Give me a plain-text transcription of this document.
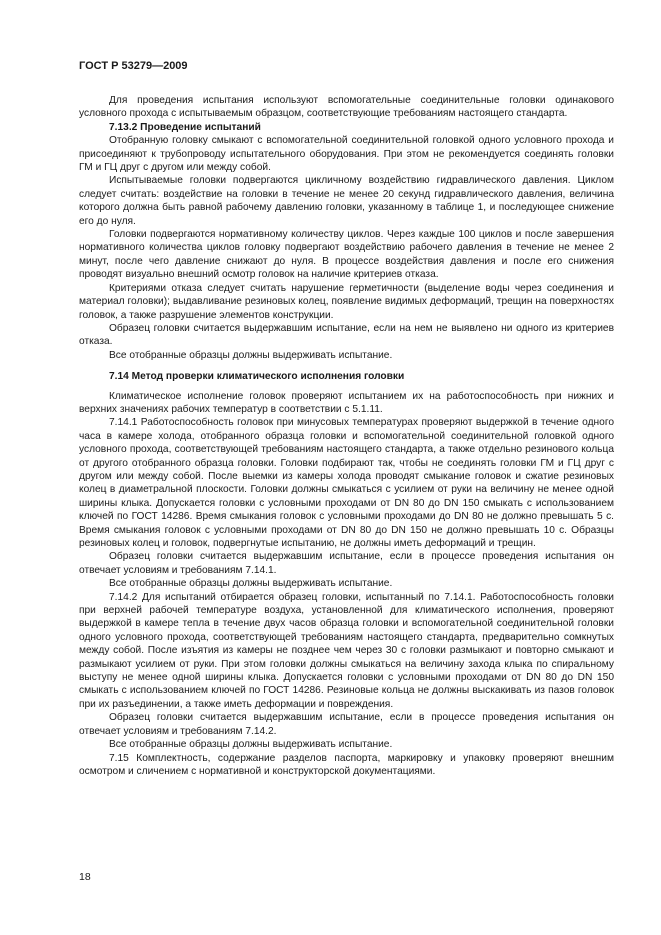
ГОСТ Р 53279—2009

Для проведения испытания используют вспомогательные соединительные головки одинакового условного прохода с испытываемым образцом, соответствующие требованиям настоящего стандарта.

7.13.2 Проведение испытаний

Отобранную головку смыкают с вспомогательной соединительной головкой одного условного прохода и присоединяют к трубопроводу испытательного оборудования. При этом не рекомендуется соединять головки ГМ и ГЦ друг с другом или между собой.

Испытываемые головки подвергаются цикличному воздействию гидравлического давления. Циклом следует считать: воздействие на головки в течение не менее 20 секунд гидравлического давления, величина которого должна быть равной рабочему давлению головки, указанному в таблице 1, и последующее снижение его до нуля.

Головки подвергаются нормативному количеству циклов. Через каждые 100 циклов и после завершения нормативного количества циклов головку подвергают воздействию рабочего давления в течение не менее 2 минут, после чего давление снижают до нуля. В процессе воздействия давления и после его снижения проводят визуально внешний осмотр головок на наличие критериев отказа.

Критериями отказа следует считать нарушение герметичности (выделение воды через соединения и материал головки); выдавливание резиновых колец, появление видимых деформаций, трещин на поверхностях головок, а также разрушение элементов конструкции.

Образец головки считается выдержавшим испытание, если на нем не выявлено ни одного из критериев отказа.

Все отобранные образцы должны выдерживать испытание.

7.14 Метод проверки климатического исполнения головки

Климатическое исполнение головок проверяют испытанием их на работоспособность при нижних и верхних значениях рабочих температур в соответствии с 5.1.11.

7.14.1 Работоспособность головок при минусовых температурах проверяют выдержкой в течение одного часа в камере холода, отобранного образца головки и вспомогательной соединительной головкой одного условного прохода, соответствующей требованиям настоящего стандарта, а также отдельно резинового кольца от другого отобранного образца головки. Головки подбирают так, чтобы не соединять головки ГМ и ГЦ друг с другом или между собой. После выемки из камеры холода проводят смыкание головок и сжатие резиновых колец в диаметральной плоскости. Головки должны смыкаться с усилием от руки на величину не менее одной ширины клыка. Допускается головки с условными проходами от DN 80 до DN 150 смыкать с использованием ключей по ГОСТ 14286. Время смыкания головок с условными проходами до DN 80 не должно превышать 5 с. Время смыкания головок с условными проходами от DN 80 до DN 150 не должно превышать 10 с. Образцы резиновых колец и головок, подвергнутые испытанию, не должны иметь деформаций и трещин.

Образец головки считается выдержавшим испытание, если в процессе проведения испытания он отвечает условиям и требованиям 7.14.1.

Все отобранные образцы должны выдерживать испытание.

7.14.2 Для испытаний отбирается образец головки, испытанный по 7.14.1. Работоспособность головки при верхней рабочей температуре воздуха, установленной для климатического исполнения, проверяют выдержкой в камере тепла в течение двух часов образца головки и вспомогательной соединительной головки одного условного прохода, соответствующей требованиям настоящего стандарта, предварительно сомкнутых между собой. После изъятия из камеры не позднее чем через 30 с головки размыкают и повторно смыкают и размыкают усилием от руки. При этом головки должны смыкаться на величину захода клыка по спиральному выступу не менее одной ширины клыка. Допускается головки с условными проходами от DN 80 до DN 150 смыкать с использованием ключей по ГОСТ 14286. Резиновые кольца не должны выскакивать из пазов головок при их разъединении, а также иметь деформации и повреждения.

Образец головки считается выдержавшим испытание, если в процессе проведения испытания он отвечает условиям и требованиям 7.14.2.

Все отобранные образцы должны выдерживать испытание.

7.15 Комплектность, содержание разделов паспорта, маркировку и упаковку проверяют внешним осмотром и сличением с нормативной и конструкторской документациями.

18
